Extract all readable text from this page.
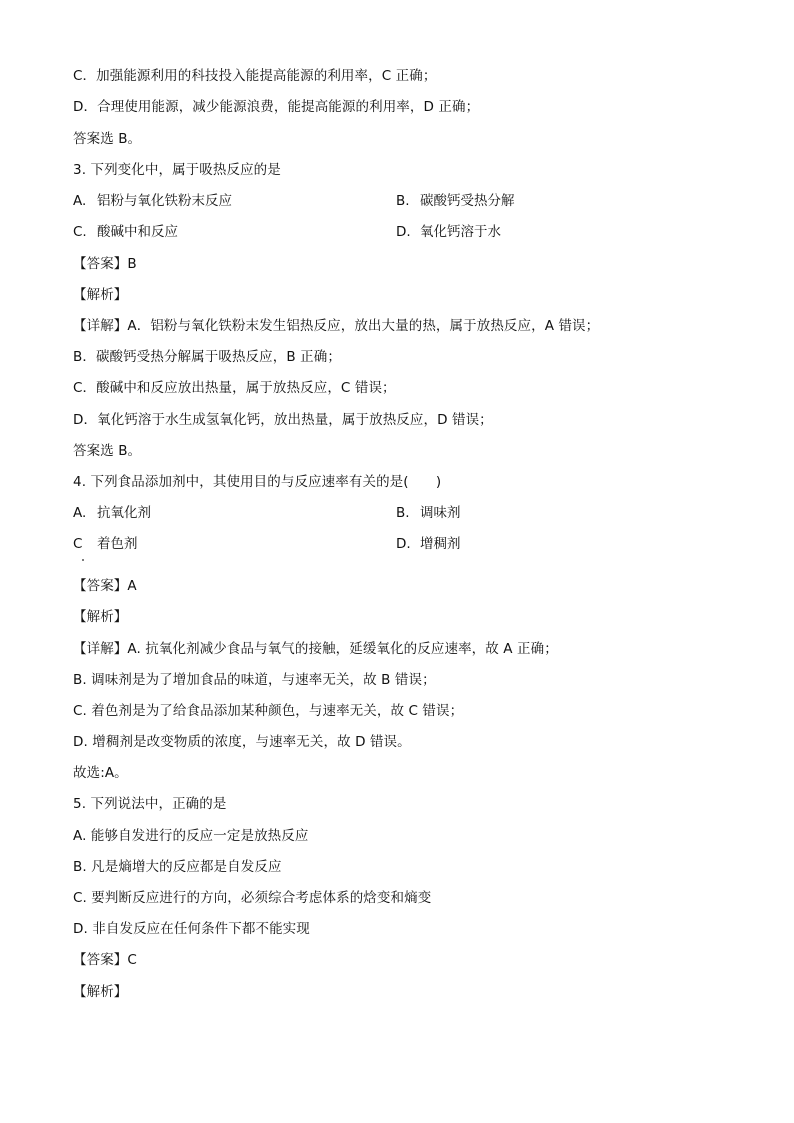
C．加强能源利用的科技投入能提高能源的利用率，C 正确；
D．合理使用能源，减少能源浪费，能提高能源的利用率，D 正确；
答案选 B。
3. 下列变化中，属于吸热反应的是
A. 铝粉与氧化铁粉末反应	B. 碳酸钙受热分解
C. 酸碱中和反应	D. 氧化钙溶于水
【答案】B
【解析】
【详解】A．铝粉与氧化铁粉末发生铝热反应，放出大量的热，属于放热反应，A 错误；
B．碳酸钙受热分解属于吸热反应，B 正确；
C．酸碱中和反应放出热量，属于放热反应，C 错误；
D．氧化钙溶于水生成氢氧化钙，放出热量，属于放热反应，D 错误；
答案选 B。
4. 下列食品添加剂中，其使用目的与反应速率有关的是(　　)
A. 抗氧化剂	B. 调味剂
C 着色剂	D. 增稠剂
【答案】A
【解析】
【详解】A. 抗氧化剂减少食品与氧气的接触，延缓氧化的反应速率，故 A 正确；
B. 调味剂是为了增加食品的味道，与速率无关，故 B 错误；
C. 着色剂是为了给食品添加某种颜色，与速率无关，故 C 错误；
D. 增稠剂是改变物质的浓度，与速率无关，故 D 错误。
故选:A。
5. 下列说法中，正确的是
A. 能够自发进行的反应一定是放热反应
B. 凡是熵增大的反应都是自发反应
C. 要判断反应进行的方向，必须综合考虑体系的焓变和熵变
D. 非自发反应在任何条件下都不能实现
【答案】C
【解析】
